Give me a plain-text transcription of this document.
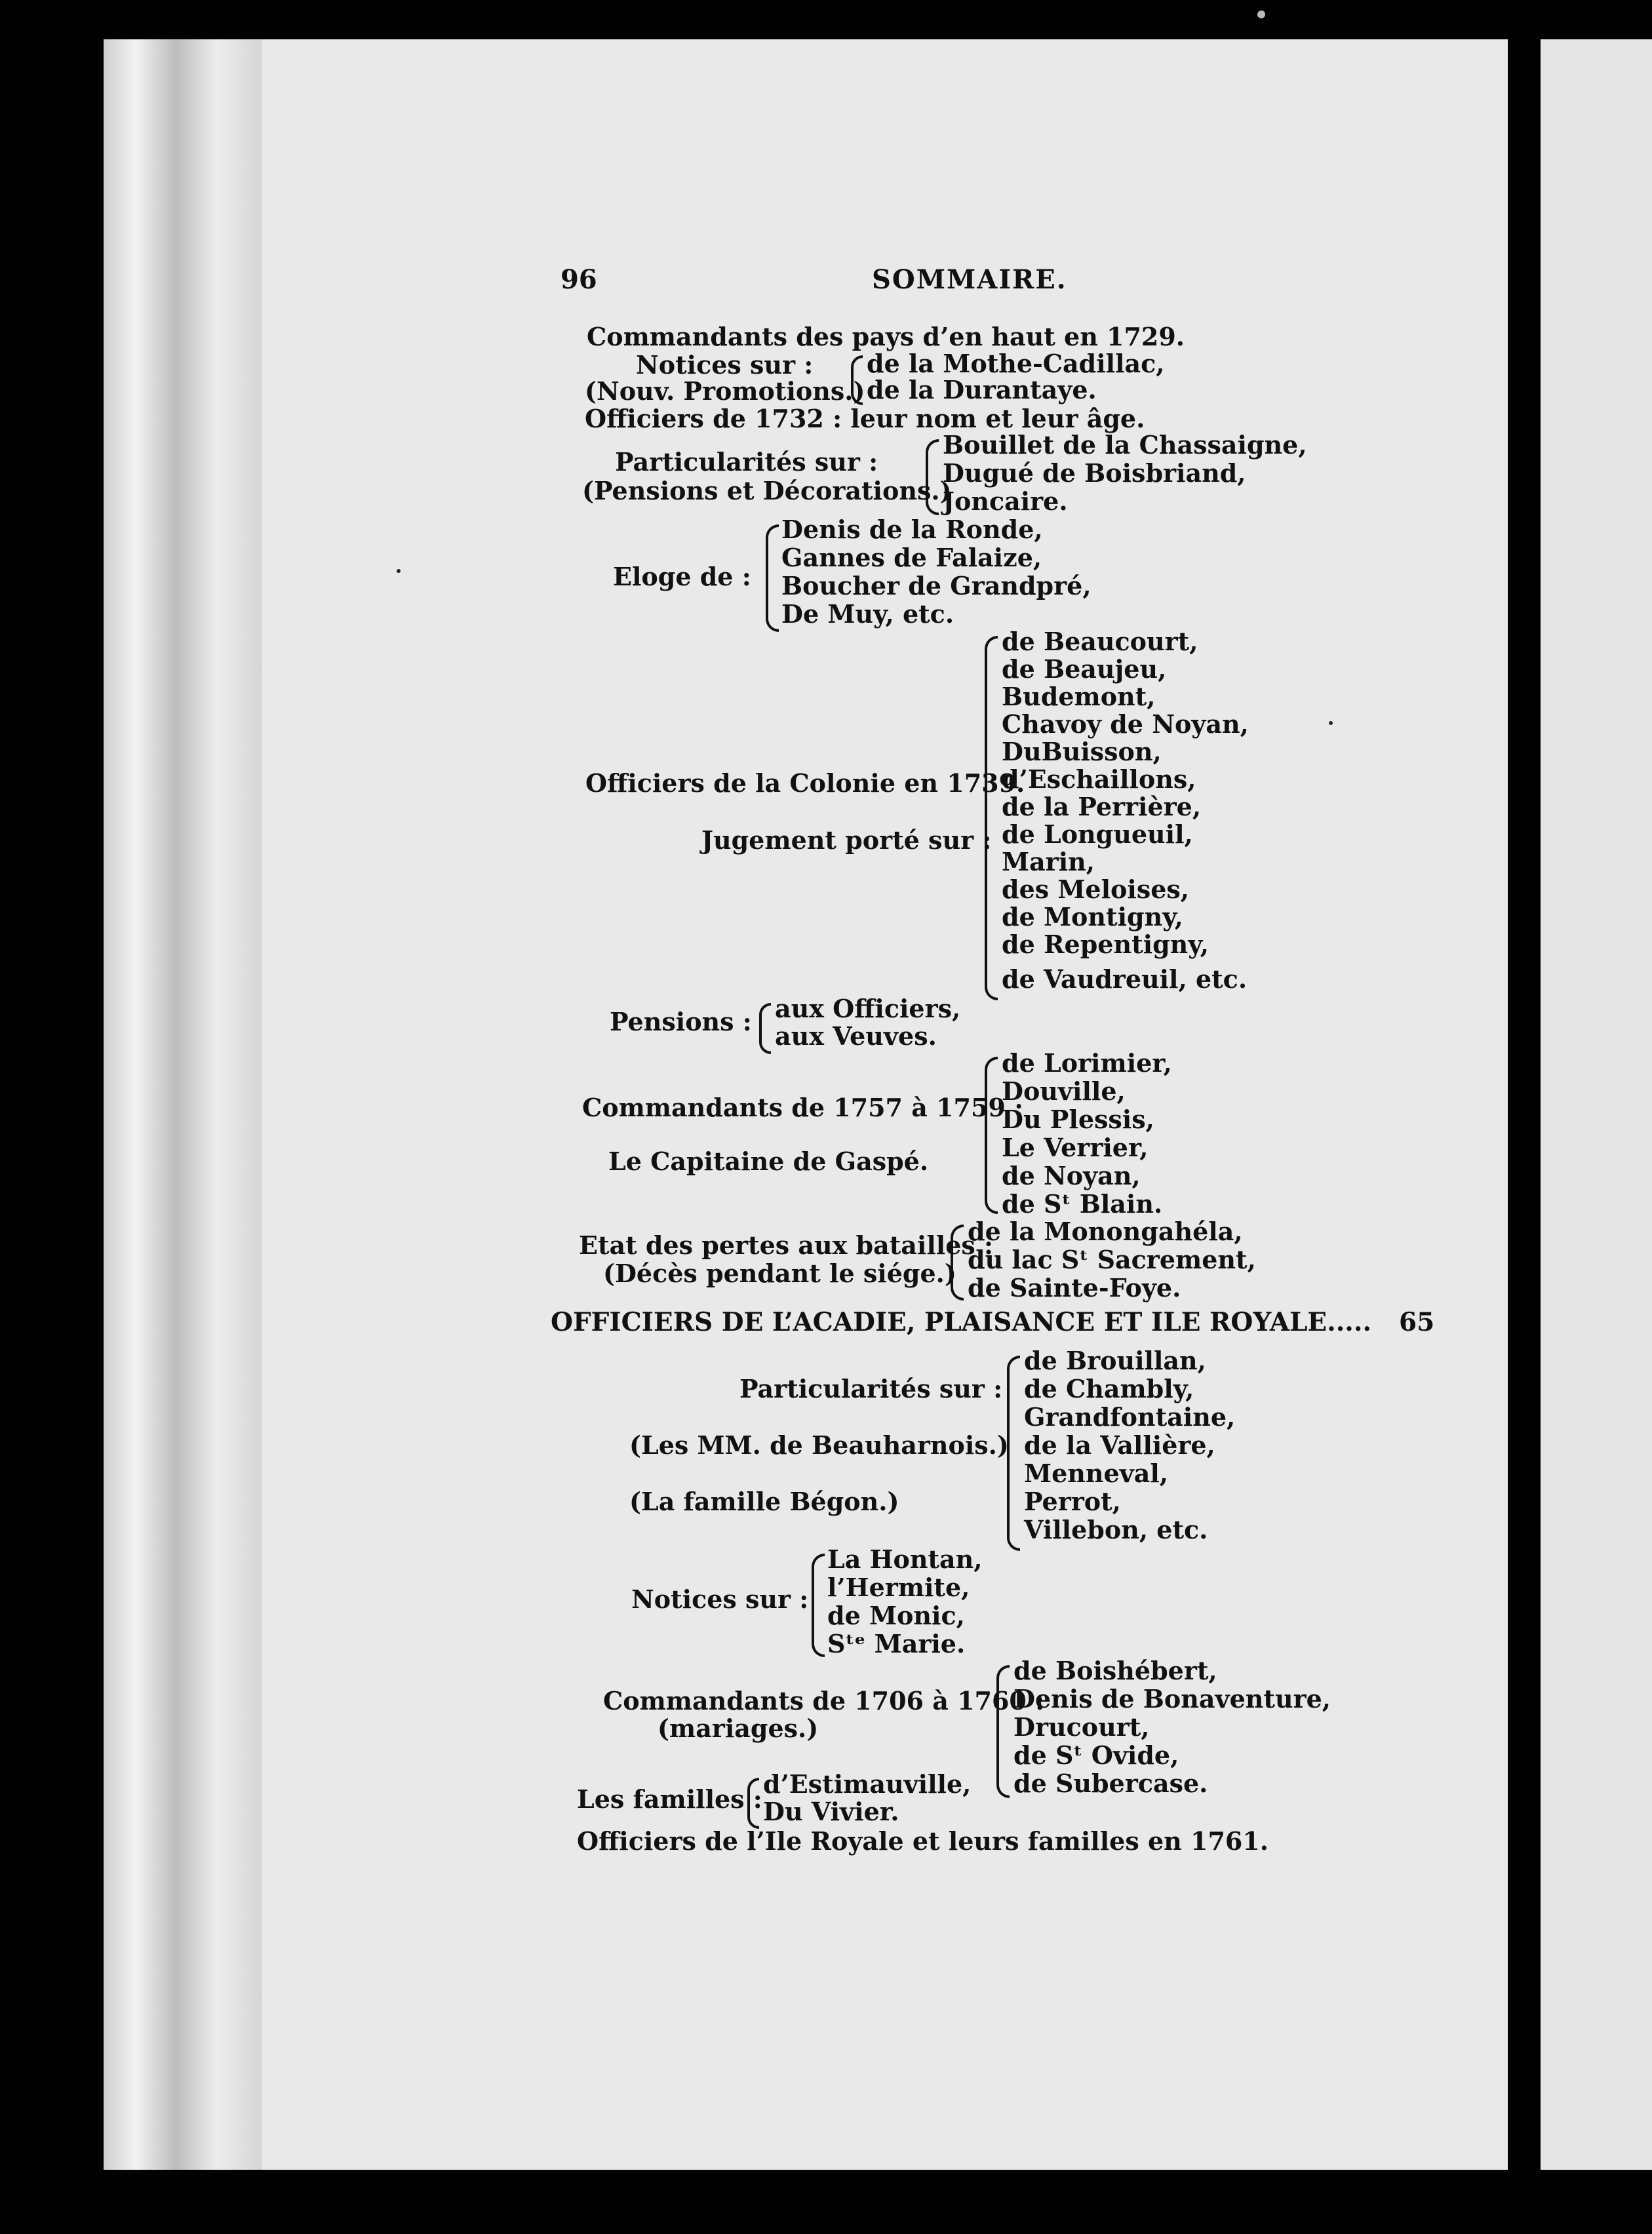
96	SOMMAIRE.
Commandants des pays d’en haut en 1729.
Notices sur :
(Nouv. Promotions.)
de la Mothe-Cadillac,
de la Durantaye.
Officiers de 1732 : leur nom et leur âge.
Particularités sur :
(Pensions et Décorations.)
Bouillet de la Chassaigne,
Dugué de Boisbriand,
Joncaire.
Eloge de :
Denis de la Ronde,
Gannes de Falaize,
Boucher de Grandpré,
De Muy, etc.
Officiers de la Colonie en 1739.
Jugement porté sur :
de Beaucourt,
de Beaujeu,
Budemont,
Chavoy de Noyan,
DuBuisson,
d’Eschaillons,
de la Perrière,
de Longueuil,
Marin,
des Meloises,
de Montigny,
de Repentigny,
de Vaudreuil, etc.
Pensions : aux Officiers,
aux Veuves.
Commandants de 1757 à 1759 :
Le Capitaine de Gaspé.
de Lorimier,
Douville,
Du Plessis,
Le Verrier,
de Noyan,
de Sᵗ Blain.
Etat des pertes aux batailles :
(Décès pendant le siége.)
de la Monongahéla,
du lac Sᵗ Sacrement,
de Sainte-Foye.
OFFICIERS DE L’ACADIE, PLAISANCE ET ILE ROYALE..... 65
Particularités sur :
(Les MM. de Beauharnois.)
(La famille Bégon.)
de Brouillan,
de Chambly,
Grandfontaine,
de la Vallière,
Menneval,
Perrot,
Villebon, etc.
Notices sur :
La Hontan,
l’Hermite,
de Monic,
Sᵗᵉ Marie.
Commandants de 1706 à 1760 :
(mariages.)
de Boishébert,
Denis de Bonaventure,
Drucourt,
de Sᵗ Ovide,
de Subercase.
Les familles :
d’Estimauville,
Du Vivier.
Officiers de l’Ile Royale et leurs familles en 1761.
